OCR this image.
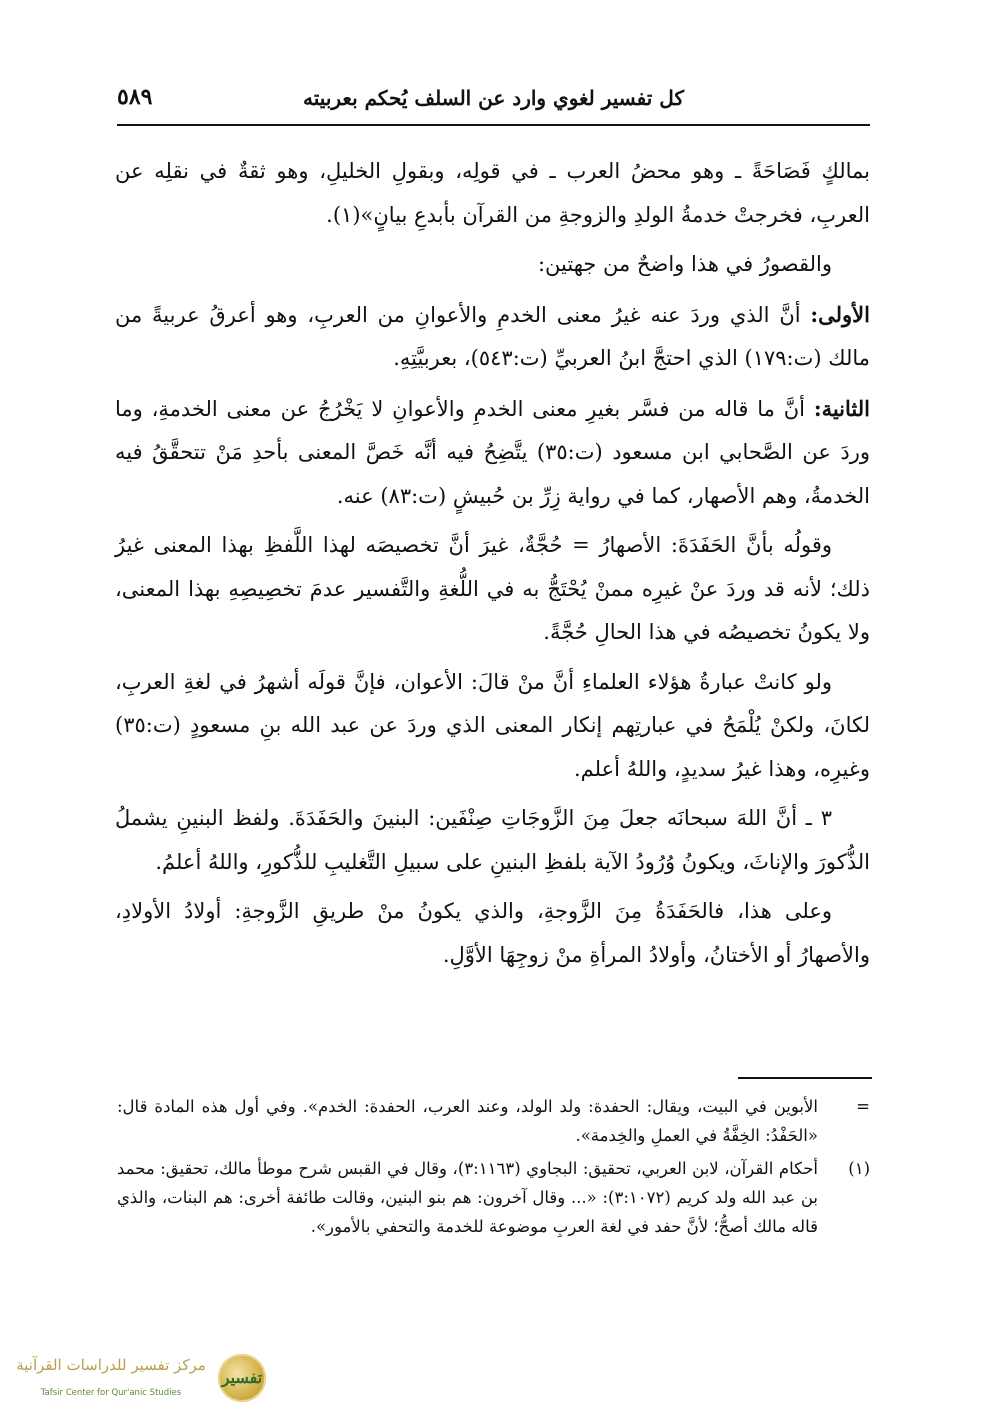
كل تفسير لغوي وارد عن السلف يُحكم بعربيته
٥٨٩

بمالكٍ فَصَاحَةً ـ وهو محضُ العرب ـ في قولِه، وبقولِ الخليلِ، وهو ثقةٌ في نقلِه عن العربِ، فخرجتْ خدمةُ الولدِ والزوجةِ من القرآن بأبدعِ بيانٍ»(١).

والقصورُ في هذا واضحٌ من جهتين:

الأولى: أنَّ الذي وردَ عنه غيرُ معنى الخدمِ والأعوانِ من العربِ، وهو أعرقُ عربيةً من مالك (ت:١٧٩) الذي احتجَّ ابنُ العربيِّ (ت:٥٤٣)، بعربيَّتِهِ.

الثانية: أنَّ ما قاله من فسَّر بغيرِ معنى الخدمِ والأعوانِ لا يَخْرُجُ عن معنى الخدمةِ، وما وردَ عن الصَّحابي ابن مسعود (ت:٣٥) يتَّضِحُ فيه أنَّه خَصَّ المعنى بأحدِ مَنْ تتحقَّقُ فيه الخدمةُ، وهم الأصهار، كما في رواية زِرِّ بن حُبيشٍ (ت:٨٣) عنه.

وقولُه بأنَّ الحَفَدَةَ: الأصهارُ = حُجَّةٌ، غيرَ أنَّ تخصيصَه لهذا اللَّفظِ بهذا المعنى غيرُ ذلك؛ لأنه قد وردَ عنْ غيرِه ممنْ يُحْتَجُّ به في اللُّغةِ والتَّفسير عدمَ تخصِيصِهِ بهذا المعنى، ولا يكونُ تخصيصُه في هذا الحالِ حُجَّةً.

ولو كانتْ عبارةُ هؤلاء العلماءِ أنَّ منْ قالَ: الأعوان، فإنَّ قولَه أشهرُ في لغةِ العربِ، لكانَ، ولكنْ يُلْمَحُ في عبارتِهم إنكار المعنى الذي وردَ عن عبد الله بنِ مسعودٍ (ت:٣٥) وغيرِه، وهذا غيرُ سديدٍ، واللهُ أعلم.

٣ ـ أنَّ اللهَ سبحانَه جعلَ مِنَ الزَّوجَاتِ صِنْفَين: البنينَ والحَفَدَةَ. ولفظ البنينِ يشملُ الذُّكورَ والإناثَ، ويكونُ وُرُودُ الآية بلفظِ البنينِ على سبيلِ التَّغليبِ للذُّكورِ، واللهُ أعلمُ.

وعلى هذا، فالحَفَدَةُ مِنَ الزَّوجةِ، والذي يكونُ منْ طريقِ الزَّوجةِ: أولادُ الأولادِ، والأصهارُ أو الأختانُ، وأولادُ المرأةِ منْ زوجِهَا الأوَّلِ.

=
الأبوين في البيت، ويقال: الحفدة: ولد الولد، وعند العرب، الحفدة: الخدم». وفي أول هذه المادة قال: «الحَفْدُ: الخِفَّةُ في العملِ والخِدمة».
(١)
أحكام القرآن، لابن العربي، تحقيق: البجاوي (٣:١١٦٣)، وقال في القبس شرح موطأ مالك، تحقيق: محمد بن عبد الله ولد كريم (٣:١٠٧٢): «... وقال آخرون: هم بنو البنين، وقالت طائفة أخرى: هم البنات، والذي قاله مالك أصحُّ؛ لأنَّ حفد في لغة العربِ موضوعة للخدمة والتحفي بالأمور».
تفسير
مركز تفسير للدراسات القرآنية
Tafsir Center for Qur'anic Studies
